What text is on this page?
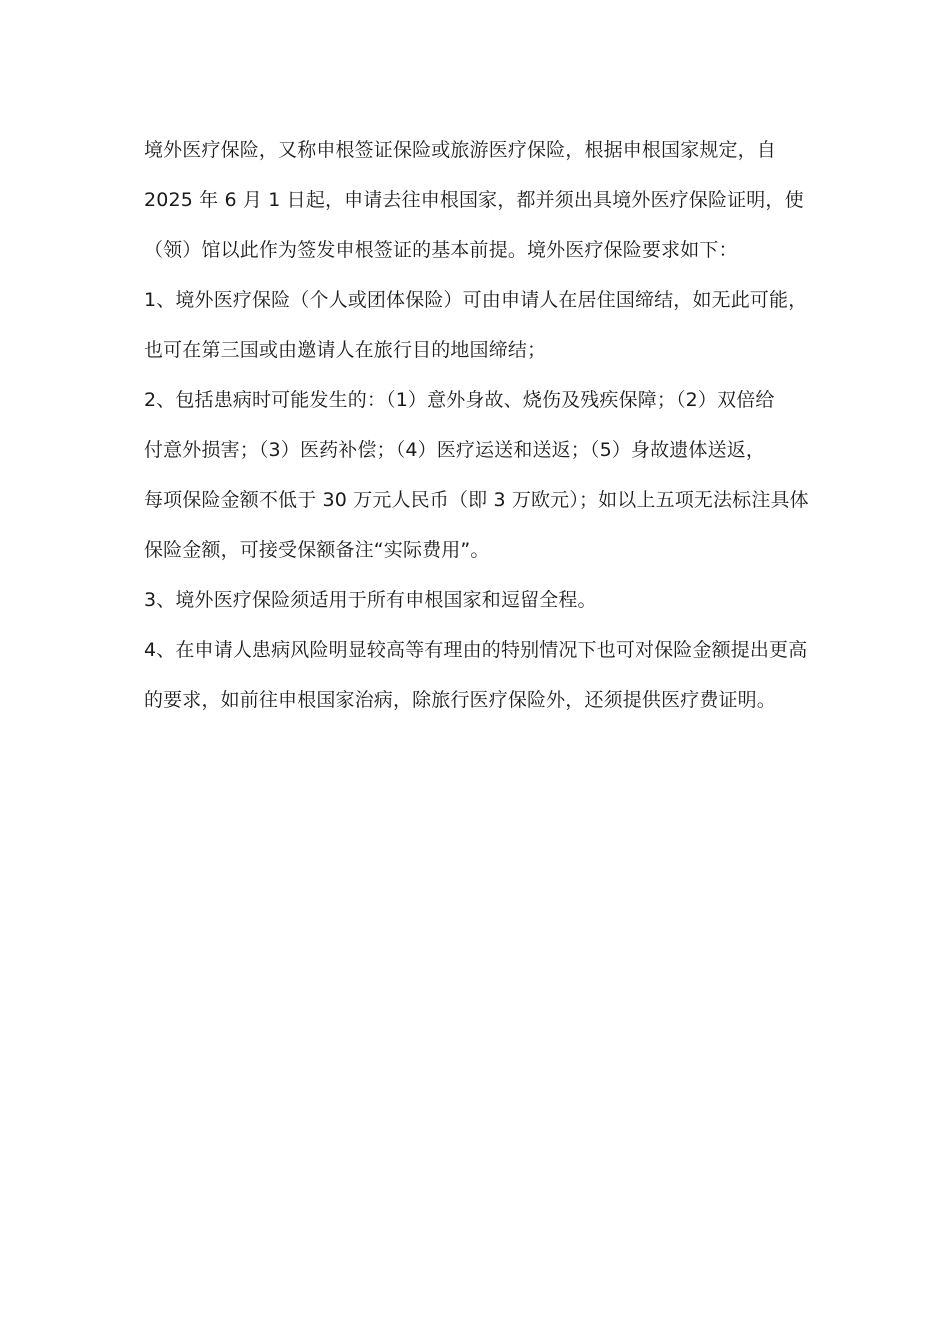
境外医疗保险，又称申根签证保险或旅游医疗保险，根据申根国家规定，自
2025 年 6 月 1 日起，申请去往申根国家，都并须出具境外医疗保险证明，使
（领）馆以此作为签发申根签证的基本前提。境外医疗保险要求如下：
1、境外医疗保险（个人或团体保险）可由申请人在居住国缔结，如无此可能，
也可在第三国或由邀请人在旅行目的地国缔结；
2、包括患病时可能发生的：（1）意外身故、烧伤及残疾保障；（2）双倍给
付意外损害；（3）医药补偿；（4）医疗运送和送返；（5）身故遗体送返，
每项保险金额不低于 30 万元人民币（即 3 万欧元）；如以上五项无法标注具体
保险金额，可接受保额备注“实际费用”。
3、境外医疗保险须适用于所有申根国家和逗留全程。
4、在申请人患病风险明显较高等有理由的特别情况下也可对保险金额提出更高
的要求，如前往申根国家治病，除旅行医疗保险外，还须提供医疗费证明。
